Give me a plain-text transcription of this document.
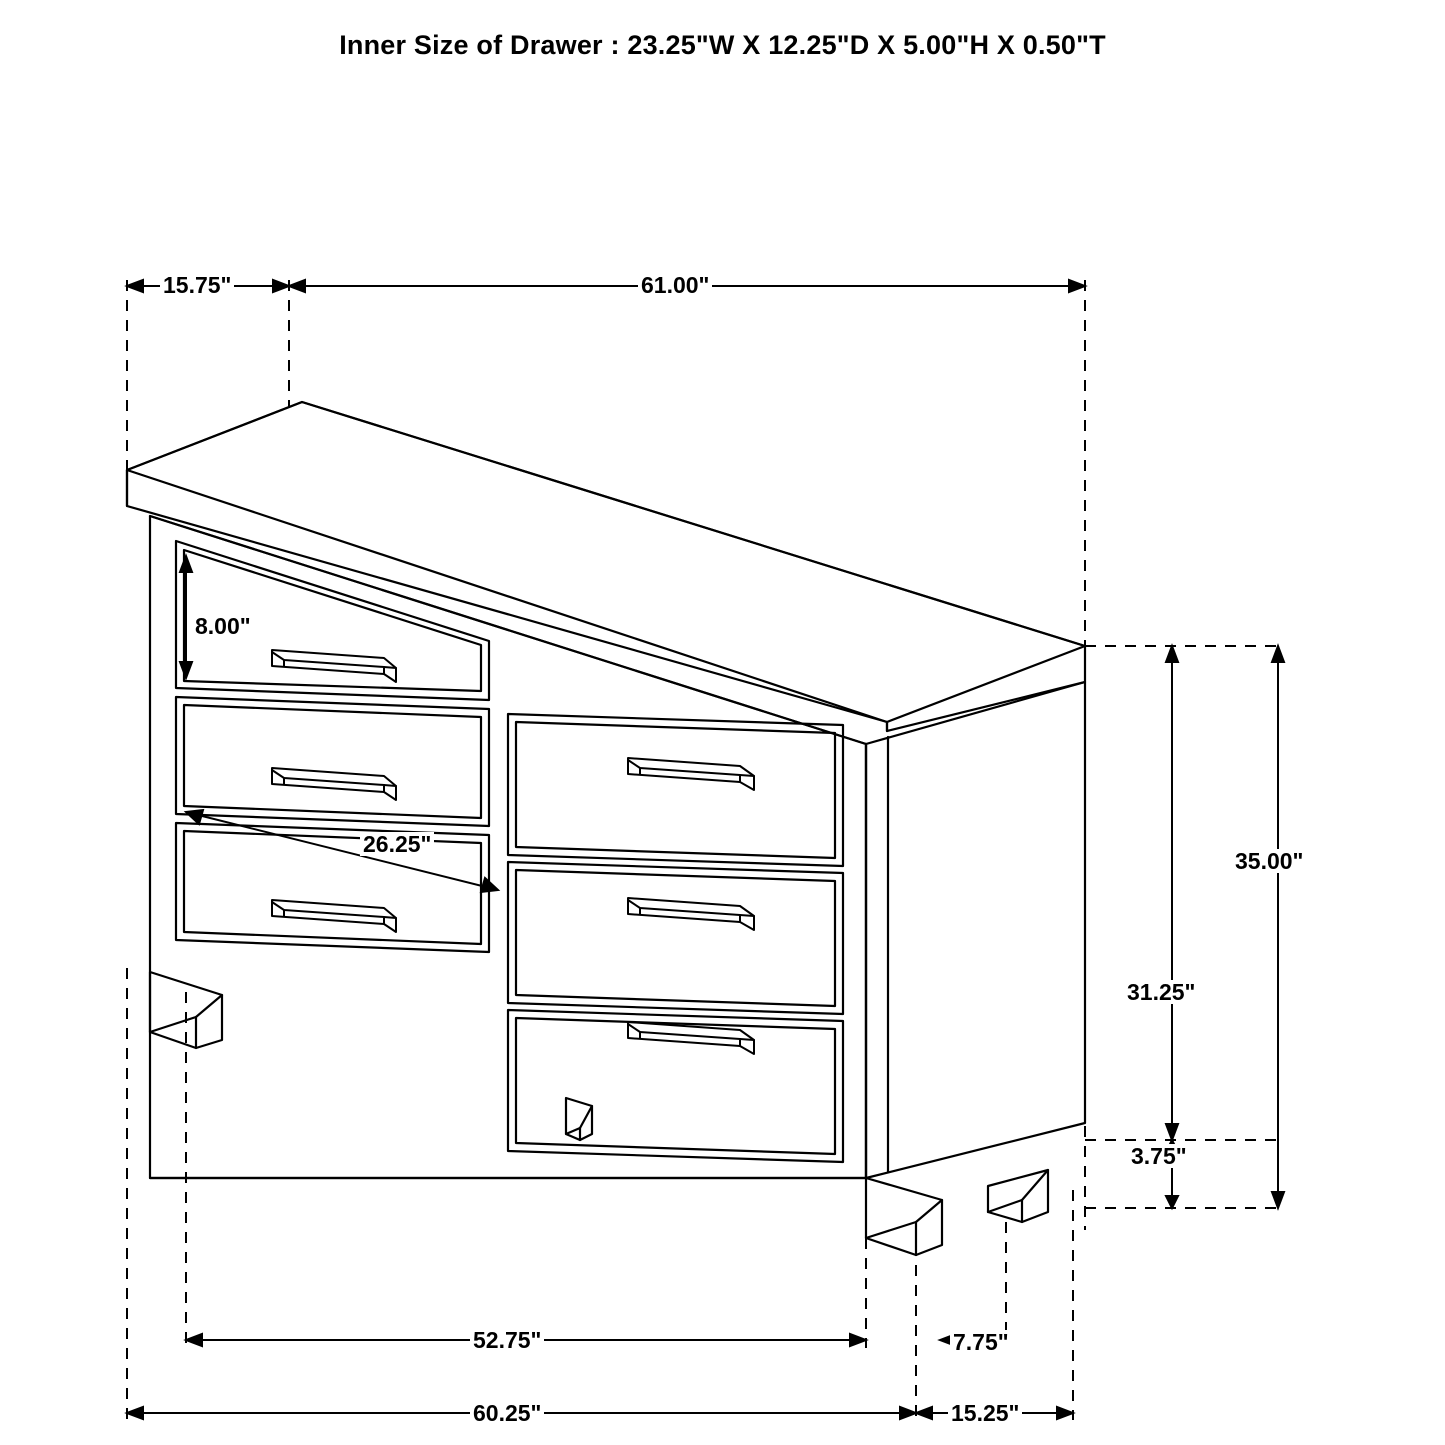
Inner Size of Drawer : 23.25"W X 12.25"D X 5.00"H X 0.50"T
15.75"	61.00"
8.00"
26.25"
35.00"
31.25"
3.75"
52.75"	7.75"
60.25"	15.25"
